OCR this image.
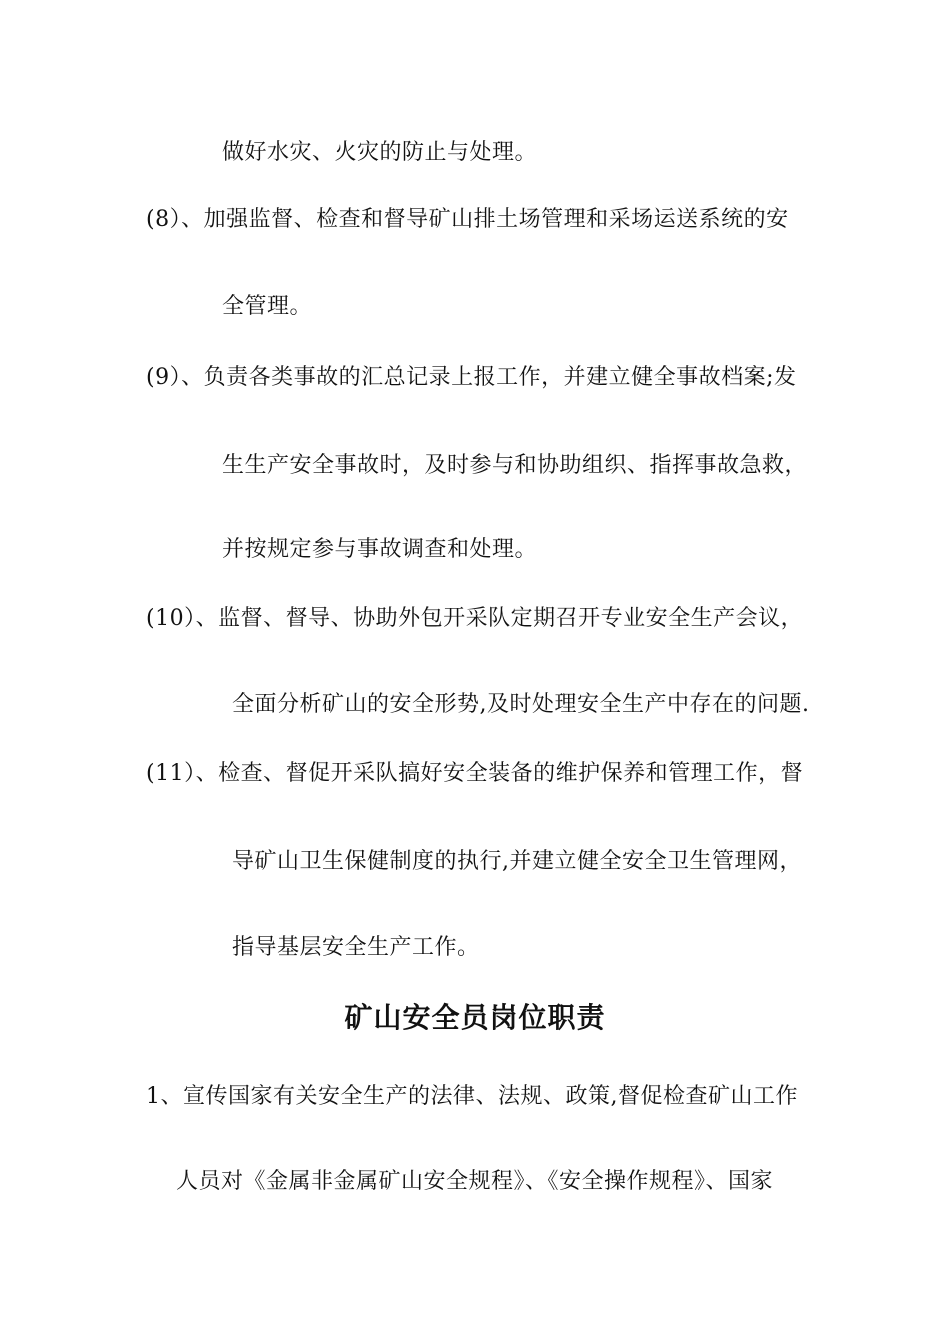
做好水灾、火灾的防止与处理。
(8）、加强监督、检查和督导矿山排土场管理和采场运送系统的安
全管理。
(9）、负责各类事故的汇总记录上报工作，并建立健全事故档案;发
生生产安全事故时，及时参与和协助组织、指挥事故急救，
并按规定参与事故调查和处理。
(10）、监督、督导、协助外包开采队定期召开专业安全生产会议，
全面分析矿山的安全形势,及时处理安全生产中存在的问题.
(11）、检查、督促开采队搞好安全装备的维护保养和管理工作，督
导矿山卫生保健制度的执行,并建立健全安全卫生管理网，
指导基层安全生产工作。
矿山安全员岗位职责
1、宣传国家有关安全生产的法律、法规、政策,督促检查矿山工作
人员对《金属非金属矿山安全规程》、《安全操作规程》、国家
